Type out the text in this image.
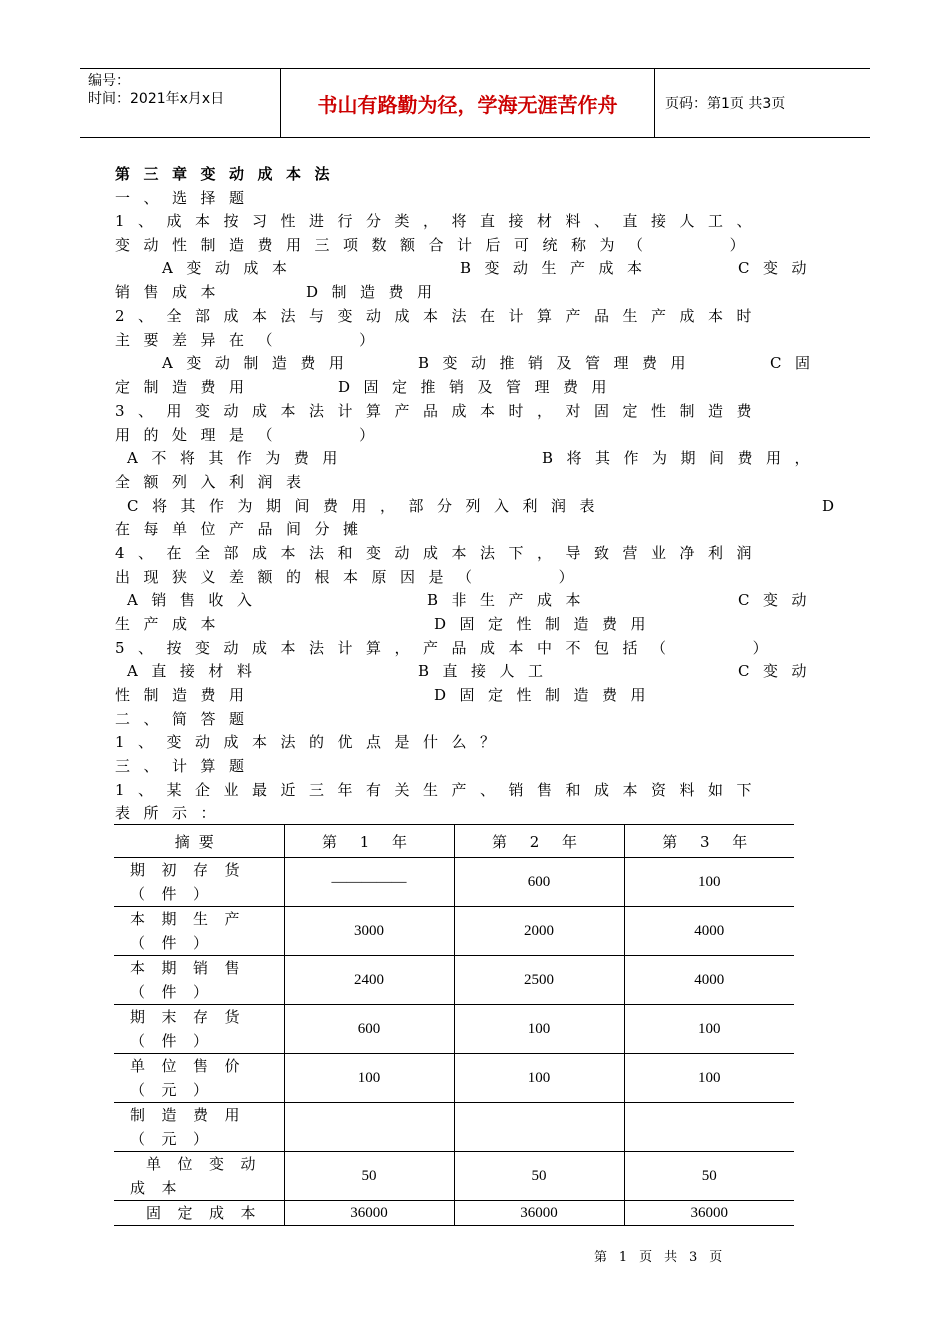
编号：
时间：2021年x月x日	书山有路勤为径，学海无涯苦作舟	页码：第1页 共3页
第三章变动成本法
一、选择题
1、成本按习性进行分类，将直接材料、直接人工、
变动性制造费用三项数额合计后可统称为（    ）
A变动成本	B变动生产成本	C变动
销售成本	D制造费用
2、全部成本法与变动成本法在计算产品生产成本时
主要差异在（    ）
A变动制造费用	B变动推销及管理费用	C固
定制造费用	D固定推销及管理费用
3、用变动成本法计算产品成本时，对固定性制造费
用的处理是（    ）
A不将其作为费用	B将其作为期间费用，
全额列入利润表
C将其作为期间费用，部分列入利润表	D
在每单位产品间分摊
4、在全部成本法和变动成本法下，导致营业净利润
出现狭义差额的根本原因是（    ）
A销售收入	B非生产成本	C变动
生产成本	D固定性制造费用
5、按变动成本法计算，产品成本中不包括（    ）
A直接材料	B直接人工	C变动
性制造费用	D固定性制造费用
二、简答题
1、变动成本法的优点是什么？
三、计算题
1、某企业最近三年有关生产、销售和成本资料如下
表所示：
摘要	第 1 年	第 2 年	第 3 年
期初存货
（件）	—————	600	100
本期生产
（件）	3000	2000	4000
本期销售
（件）	2400	2500	4000
期末存货
（件）	600	100	100
单位售价
（元）	100	100	100
制造费用
（元）			
单位变动
成本	50	50	50
固定成本	36000	36000	36000
第 1 页 共 3 页
